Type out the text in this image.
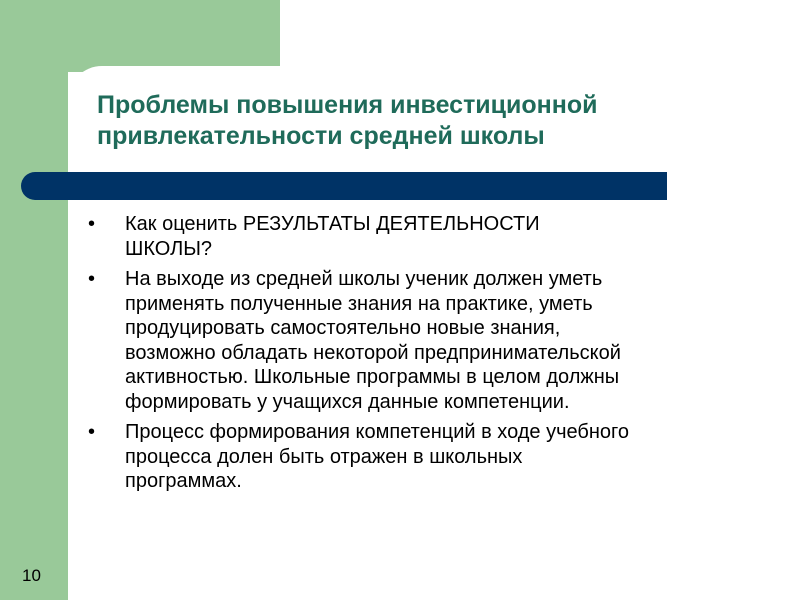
Проблемы повышения инвестиционной
привлекательности средней школы
• Как оценить РЕЗУЛЬТАТЫ ДЕЯТЕЛЬНОСТИ
ШКОЛЫ?
• На выходе из средней школы ученик должен уметь
применять полученные знания на практике, уметь
продуцировать самостоятельно новые знания,
возможно обладать некоторой предпринимательской
активностью. Школьные программы в целом должны
формировать у учащихся данные компетенции.
• Процесс формирования компетенций в ходе учебного
процесса долен быть отражен в школьных
программах.
10
